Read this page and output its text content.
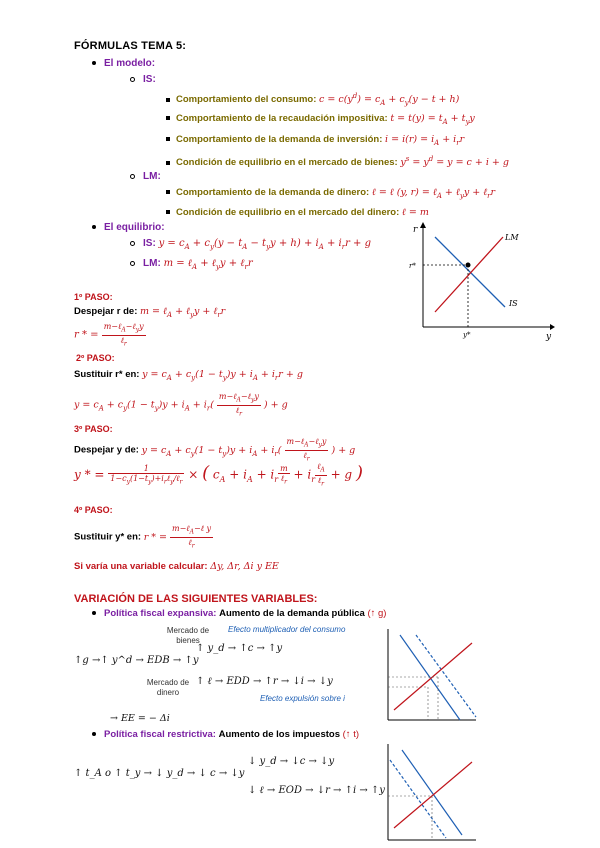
FÓRMULAS TEMA 5:
El modelo:
IS:
Comportamiento del consumo: $c = c(y^d) = c_A + c_y(y - t + h)$
Comportamiento de la recaudación impositiva: $t = t(y) = t_A + t_yy$
Comportamiento de la demanda de inversión: $i = i(r) = i_A + i_rr$
Condición de equilibrio en el mercado de bienes: $y^s = y^d = y = c + i + g$
LM:
Comportamiento de la demanda de dinero: ℓ = ℓ (y, r) = ℓ$_A$ + ℓ$_y$y + ℓ$_r$r
Condición de equilibrio en el mercado del dinero: ℓ = m
El equilibrio:
IS: $y = c_A + c_y(y - t_A - t_yy + h) + i_A + i_rr + g$
LM: m = ℓ$_A$ + ℓ$_y$y + ℓ$_r$r
r
y
LM
IS
r*
y*
1º PASO:
Despejar r de: m = ℓ$_A$ + ℓ$_y$y + ℓ$_r$r
r * = $\frac{m-\ell_A-\ell_yy}{\ell_r}$
2º PASO:
Sustituir r* en: $y = c_A + c_y(1 - t_y)y + i_A + i_rr + g$
$y = c_A + c_y(1 - t_y)y + i_A + i_r( \frac{m-\ell_A-\ell_yy}{\ell_r}$ ) + g
3º PASO:
Despejar y de: $y = c_A + c_y(1 - t_y)y + i_A + i_r( \frac{m-\ell_A-\ell_yy}{\ell_r}$ ) + g
y * = $\frac{1}{1-c_y(1-t_y)+i_r\ell_y/\ell_r}$ × ( $c_A + i_A + i_r \frac{m}{\ell_r} + i_r \frac{\ell_A}{\ell_r} + g$ )
4º PASO:
Sustituir y* en: r * = $\frac{m-\ell_A-\ell y}{\ell_r}$
Si varía una variable calcular: Δy, Δr, Δi y EE
VARIACIÓN DE LAS SIGUIENTES VARIABLES:
Política fiscal expansiva: Aumento de la demanda pública (↑ g)
Mercado de bienes
Efecto multiplicador del consumo
↑g →↑ y^d → EDB → ↑y
↑ y_d → ↑c → ↑y
Mercado de dinero
↑ ℓ → EDD → ↑r → ↓i → ↓y
Efecto expulsión sobre i
→ EE = − Δi
Política fiscal restrictiva: Aumento de los impuestos (↑ t)
↑ t_A o ↑ t_y → ↓ y_d → ↓ c → ↓y
↓ y_d → ↓c → ↓y
↓ ℓ → EOD → ↓r → ↑i → ↑y
